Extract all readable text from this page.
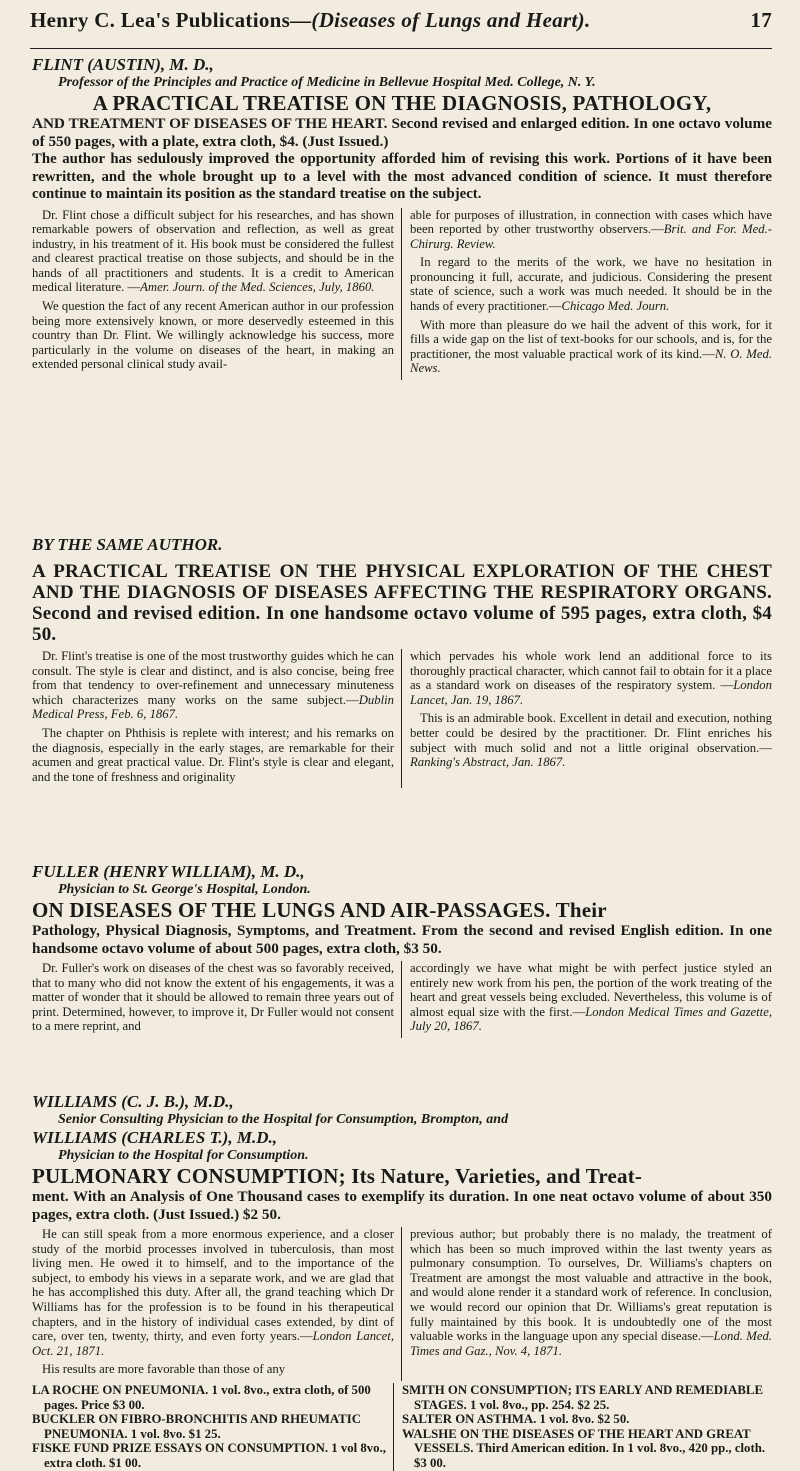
Henry C. Lea's Publications—(Diseases of Lungs and Heart).	17
FLINT (AUSTIN), M. D.,
Professor of the Principles and Practice of Medicine in Bellevue Hospital Med. College, N. Y.
A PRACTICAL TREATISE ON THE DIAGNOSIS, PATHOLOGY,
AND TREATMENT OF DISEASES OF THE HEART. Second revised and enlarged edition. In one octavo volume of 550 pages, with a plate, extra cloth, $4. (Just Issued.)
The author has sedulously improved the opportunity afforded him of revising this work. Portions of it have been rewritten, and the whole brought up to a level with the most advanced condition of science. It must therefore continue to maintain its position as the standard treatise on the subject.

Dr. Flint chose a difficult subject for his researches, and has shown remarkable powers of observation and reflection, as well as great industry, in his treatment of it. His book must be considered the fullest and clearest practical treatise on those subjects, and should be in the hands of all practitioners and students. It is a credit to American medical literature. —Amer. Journ. of the Med. Sciences, July, 1860.

We question the fact of any recent American author in our profession being more extensively known, or more deservedly esteemed in this country than Dr. Flint. We willingly acknowledge his success, more particularly in the volume on diseases of the heart, in making an extended personal clinical study avail-

able for purposes of illustration, in connection with cases which have been reported by other trustworthy observers.—Brit. and For. Med.-Chirurg. Review.

In regard to the merits of the work, we have no hesitation in pronouncing it full, accurate, and judicious. Considering the present state of science, such a work was much needed. It should be in the hands of every practitioner.—Chicago Med. Journ.

With more than pleasure do we hail the advent of this work, for it fills a wide gap on the list of text-books for our schools, and is, for the practitioner, the most valuable practical work of its kind.—N. O. Med. News.

BY THE SAME AUTHOR.
A PRACTICAL TREATISE ON THE PHYSICAL EXPLORATION OF THE CHEST AND THE DIAGNOSIS OF DISEASES AFFECTING THE RESPIRATORY ORGANS. Second and revised edition. In one handsome octavo volume of 595 pages, extra cloth, $4 50.

Dr. Flint's treatise is one of the most trustworthy guides which he can consult. The style is clear and distinct, and is also concise, being free from that tendency to over-refinement and unnecessary minuteness which characterizes many works on the same subject.—Dublin Medical Press, Feb. 6, 1867.

The chapter on Phthisis is replete with interest; and his remarks on the diagnosis, especially in the early stages, are remarkable for their acumen and great practical value. Dr. Flint's style is clear and elegant, and the tone of freshness and originality

which pervades his whole work lend an additional force to its thoroughly practical character, which cannot fail to obtain for it a place as a standard work on diseases of the respiratory system. —London Lancet, Jan. 19, 1867.

This is an admirable book. Excellent in detail and execution, nothing better could be desired by the practitioner. Dr. Flint enriches his subject with much solid and not a little original observation.—Ranking's Abstract, Jan. 1867.

FULLER (HENRY WILLIAM), M. D.,
Physician to St. George's Hospital, London.
ON DISEASES OF THE LUNGS AND AIR-PASSAGES. Their
Pathology, Physical Diagnosis, Symptoms, and Treatment. From the second and revised English edition. In one handsome octavo volume of about 500 pages, extra cloth, $3 50.

Dr. Fuller's work on diseases of the chest was so favorably received, that to many who did not know the extent of his engagements, it was a matter of wonder that it should be allowed to remain three years out of print. Determined, however, to improve it, Dr Fuller would not consent to a mere reprint, and

accordingly we have what might be with perfect justice styled an entirely new work from his pen, the portion of the work treating of the heart and great vessels being excluded. Nevertheless, this volume is of almost equal size with the first.—London Medical Times and Gazette, July 20, 1867.

WILLIAMS (C. J. B.), M.D.,
Senior Consulting Physician to the Hospital for Consumption, Brompton, and
WILLIAMS (CHARLES T.), M.D.,
Physician to the Hospital for Consumption.
PULMONARY CONSUMPTION; Its Nature, Varieties, and Treat-
ment. With an Analysis of One Thousand cases to exemplify its duration. In one neat octavo volume of about 350 pages, extra cloth. (Just Issued.) $2 50.

He can still speak from a more enormous experience, and a closer study of the morbid processes involved in tuberculosis, than most living men. He owed it to himself, and to the importance of the subject, to embody his views in a separate work, and we are glad that he has accomplished this duty. After all, the grand teaching which Dr Williams has for the profession is to be found in his therapeutical chapters, and in the history of individual cases extended, by dint of care, over ten, twenty, thirty, and even forty years.—London Lancet, Oct. 21, 1871.

His results are more favorable than those of any

previous author; but probably there is no malady, the treatment of which has been so much improved within the last twenty years as pulmonary consumption. To ourselves, Dr. Williams's chapters on Treatment are amongst the most valuable and attractive in the book, and would alone render it a standard work of reference. In conclusion, we would record our opinion that Dr. Williams's great reputation is fully maintained by this book. It is undoubtedly one of the most valuable works in the language upon any special disease.—Lond. Med. Times and Gaz., Nov. 4, 1871.

LA ROCHE ON PNEUMONIA. 1 vol. 8vo., extra cloth, of 500 pages. Price $3 00.

BUCKLER ON FIBRO-BRONCHITIS AND RHEUMATIC PNEUMONIA. 1 vol. 8vo. $1 25.

FISKE FUND PRIZE ESSAYS ON CONSUMPTION. 1 vol 8vo., extra cloth. $1 00.

SMITH ON CONSUMPTION; ITS EARLY AND REMEDIABLE STAGES. 1 vol. 8vo., pp. 254. $2 25.

SALTER ON ASTHMA. 1 vol. 8vo. $2 50.

WALSHE ON THE DISEASES OF THE HEART AND GREAT VESSELS. Third American edition. In 1 vol. 8vo., 420 pp., cloth. $3 00.
